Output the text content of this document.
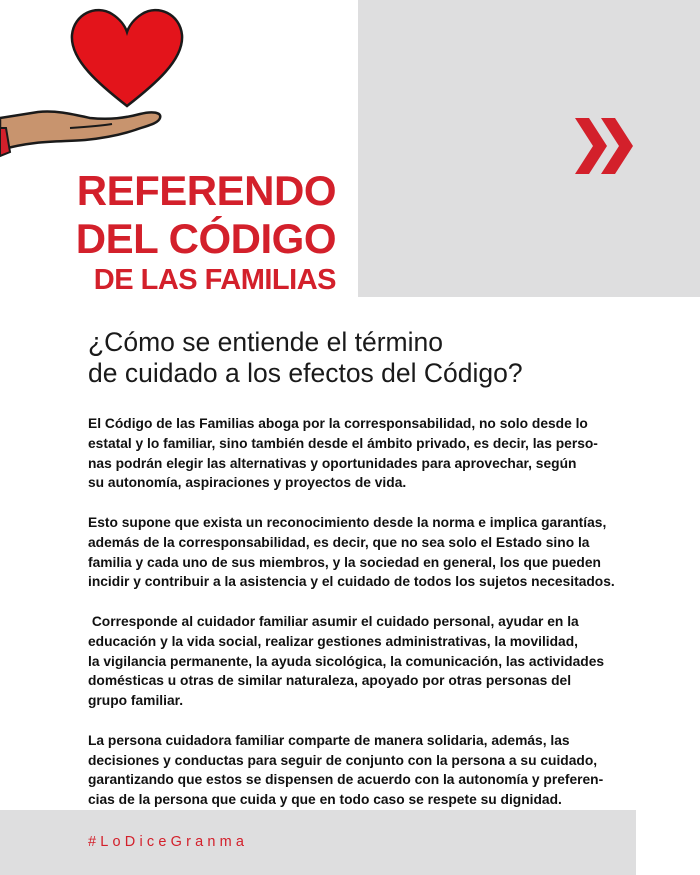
REFERENDO
DEL CÓDIGO
DE LAS FAMILIAS
¿Cómo se entiende el término
de cuidado a los efectos del Código?

El Código de las Familias aboga por la corresponsabilidad, no solo desde lo
estatal y lo familiar, sino también desde el ámbito privado, es decir, las perso-
nas podrán elegir las alternativas y oportunidades para aprovechar, según
su autonomía, aspiraciones y proyectos de vida.

Esto supone que exista un reconocimiento desde la norma e implica garantías,
además de la corresponsabilidad, es decir, que no sea solo el Estado sino la
familia y cada uno de sus miembros, y la sociedad en general, los que pueden
incidir y contribuir a la asistencia y el cuidado de todos los sujetos necesitados.

Corresponde al cuidador familiar asumir el cuidado personal, ayudar en la
educación y la vida social, realizar gestiones administrativas, la movilidad,
la vigilancia permanente, la ayuda sicológica, la comunicación, las actividades
domésticas u otras de similar naturaleza, apoyado por otras personas del
grupo familiar.

La persona cuidadora familiar comparte de manera solidaria, además, las
decisiones y conductas para seguir de conjunto con la persona a su cuidado,
garantizando que estos se dispensen de acuerdo con la autonomía y preferen-
cias de la persona que cuida y que en todo caso se respete su dignidad.

#LoDiceGranma
